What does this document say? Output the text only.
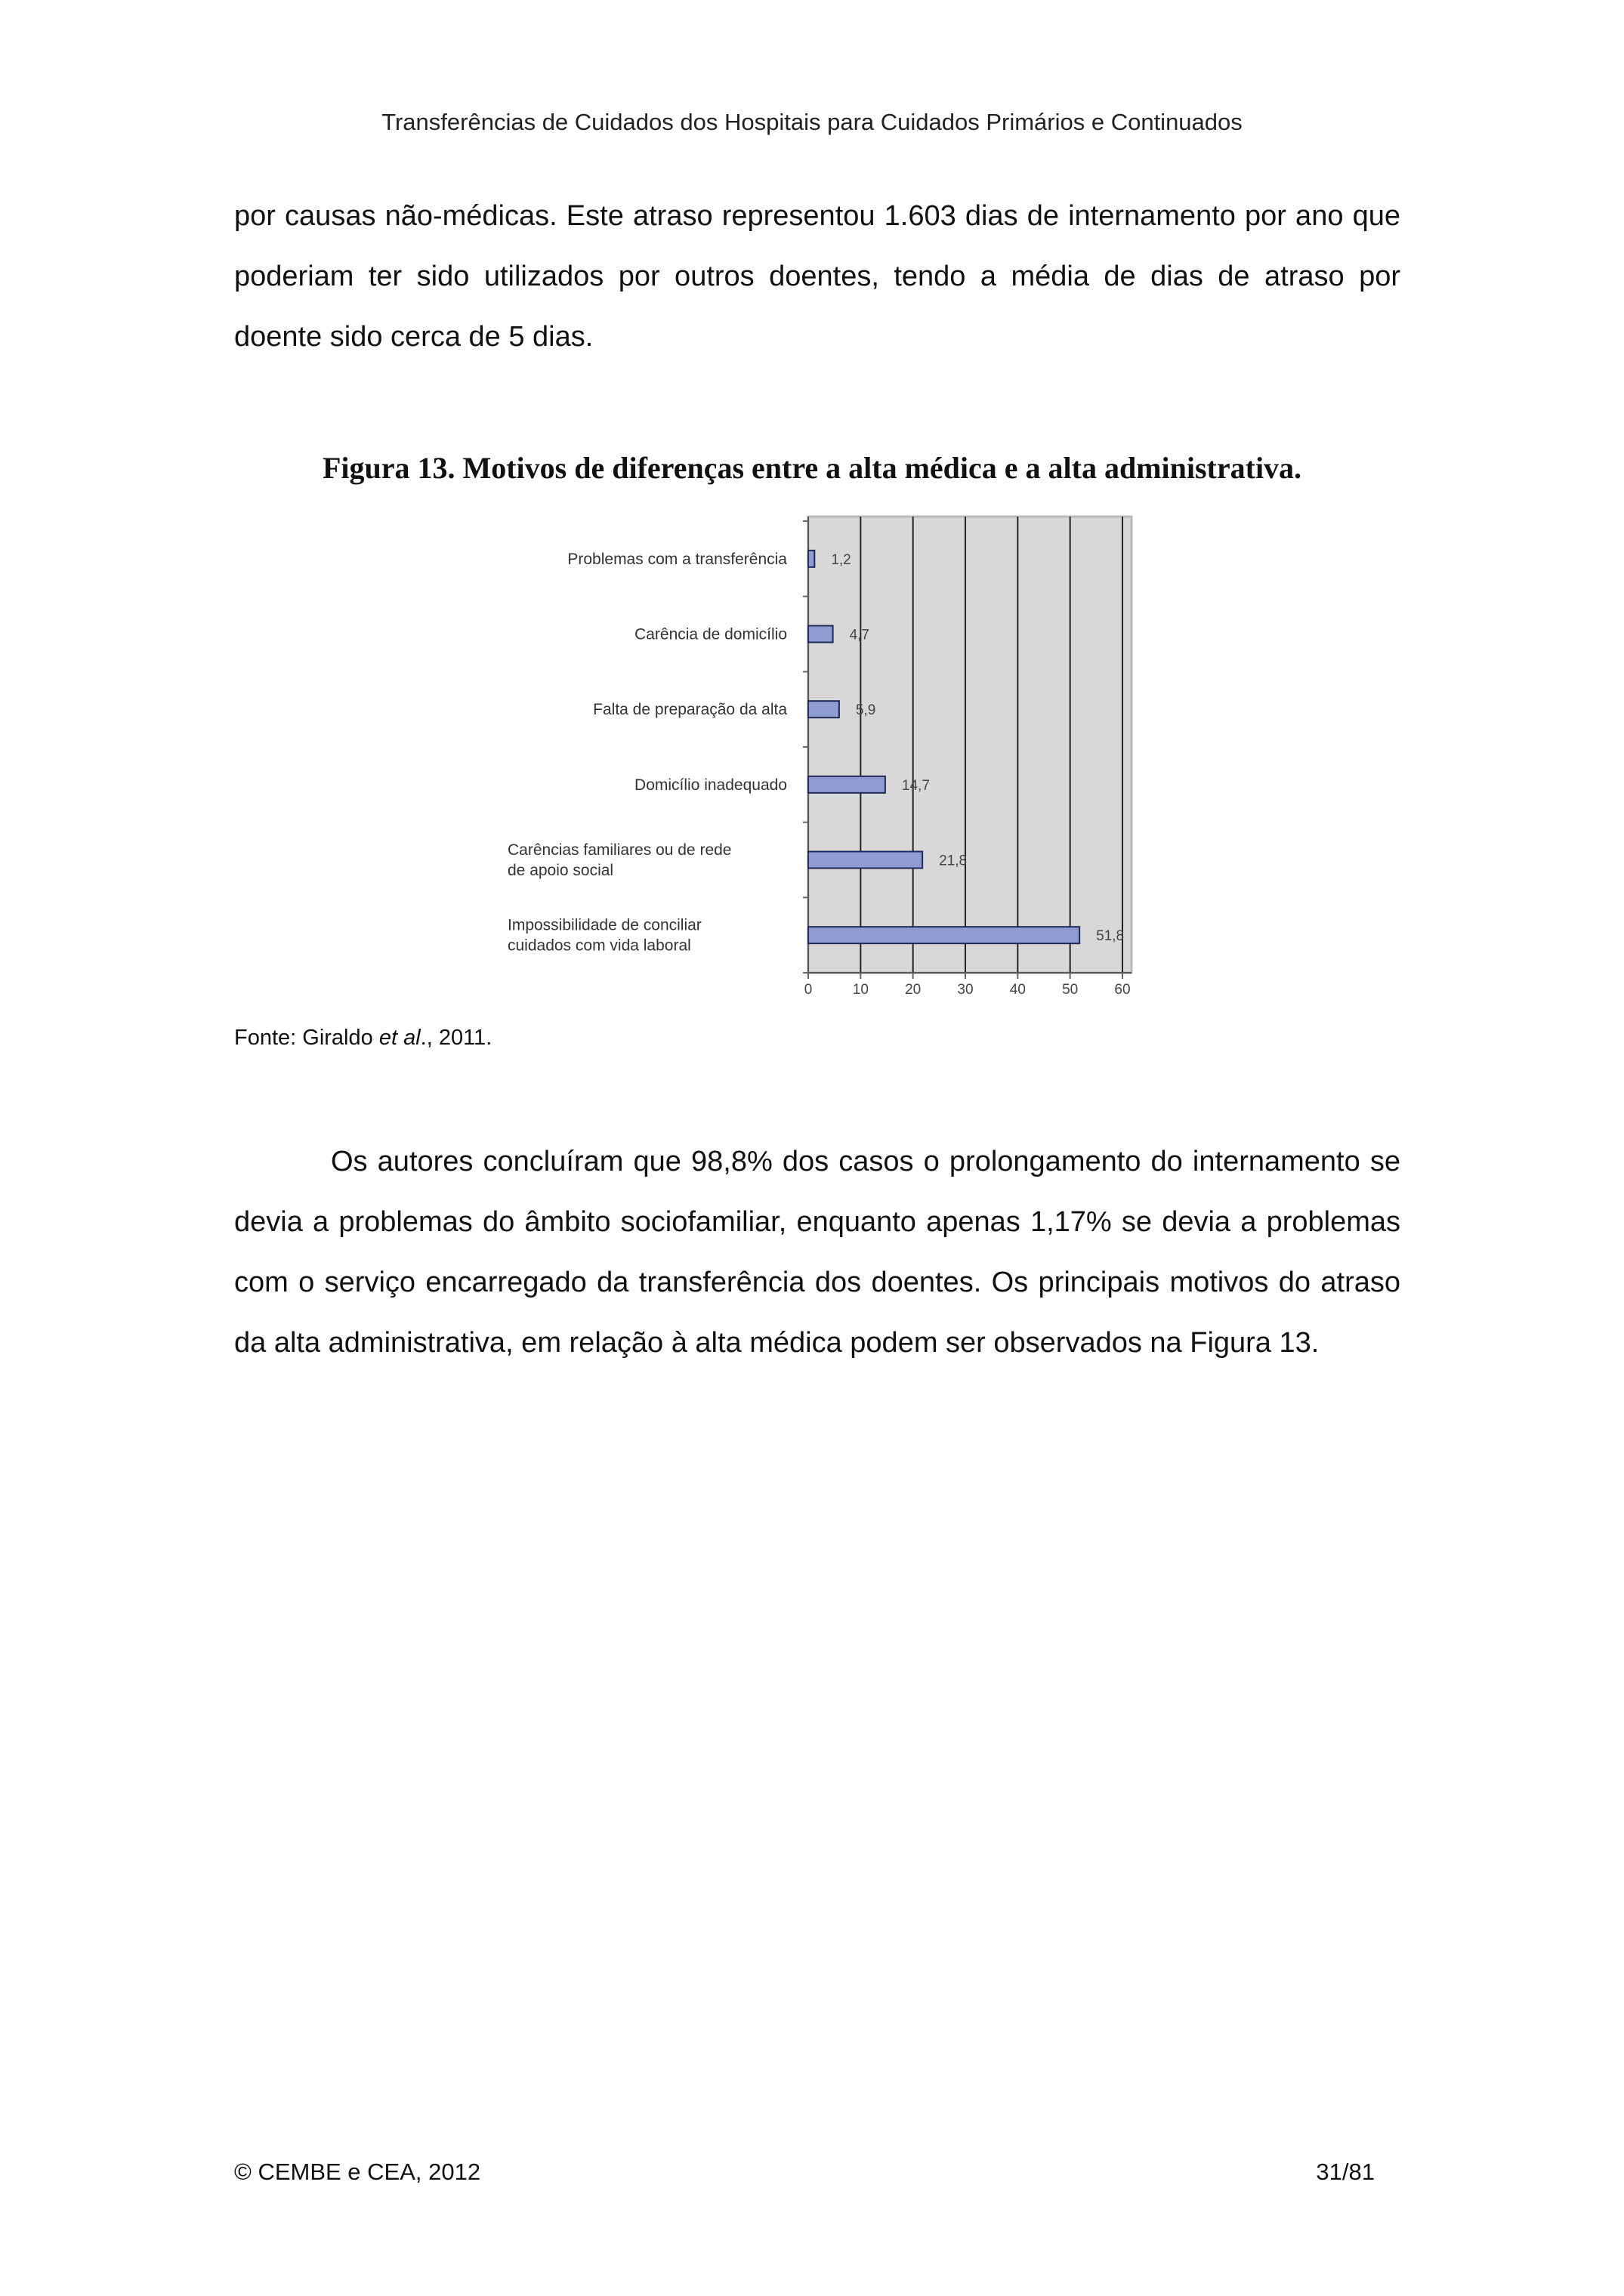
Transferências de Cuidados dos Hospitais para Cuidados Primários e Continuados
por causas não-médicas. Este atraso representou 1.603 dias de internamento por ano que poderiam ter sido utilizados por outros doentes, tendo a média de dias de atraso por doente sido cerca de 5 dias.
Figura 13. Motivos de diferenças entre a alta médica e a alta administrativa.
1,2
Problemas com a transferência
4,7
Carência de domicílio
5,9
Falta de preparação da alta
14,7
Domicílio inadequado
21,8
Carências familiares ou de rede
de apoio social
51,8
Impossibilidade de conciliar
cuidados com vida laboral
0	10	20	30	40	50	60
Fonte: Giraldo et al., 2011.
Os autores concluíram que 98,8% dos casos o prolongamento do internamento se devia a problemas do âmbito sociofamiliar, enquanto apenas 1,17% se devia a problemas com o serviço encarregado da transferência dos doentes. Os principais motivos do atraso da alta administrativa, em relação à alta médica podem ser observados na Figura 13.
© CEMBE e CEA, 2012	31/81
